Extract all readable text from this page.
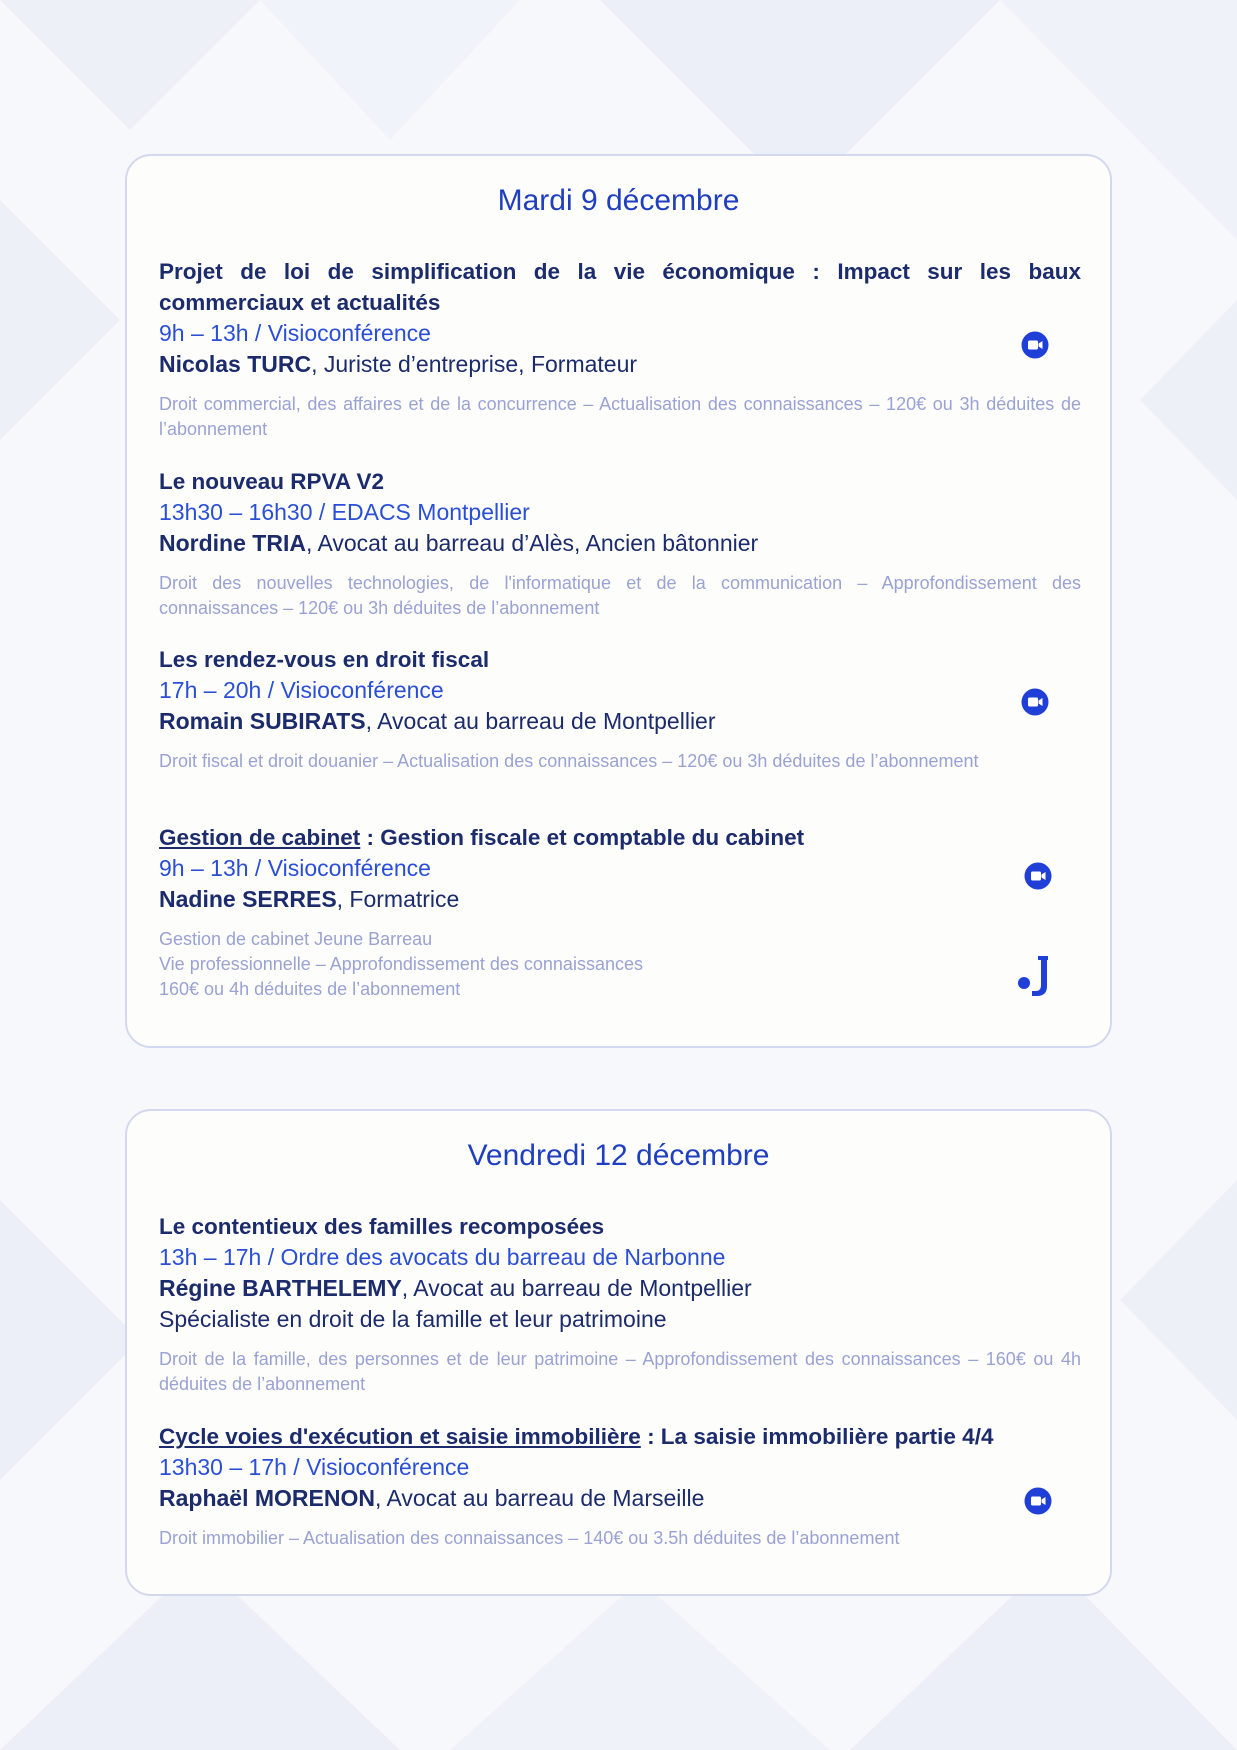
Mardi 9 décembre

Projet de loi de simplification de la vie économique : Impact sur les baux commerciaux et actualités

9h – 13h / Visioconférence

Nicolas TURC, Juriste d’entreprise, Formateur

Droit commercial, des affaires et de la concurrence – Actualisation des connaissances – 120€ ou 3h déduites de l’abonnement

Le nouveau RPVA V2

13h30 – 16h30 / EDACS Montpellier

Nordine TRIA, Avocat au barreau d’Alès, Ancien bâtonnier

Droit des nouvelles technologies, de l'informatique et de la communication – Approfondissement des connaissances – 120€ ou 3h déduites de l’abonnement

Les rendez-vous en droit fiscal

17h – 20h / Visioconférence

Romain SUBIRATS, Avocat au barreau de Montpellier

Droit fiscal et droit douanier – Actualisation des connaissances – 120€ ou 3h déduites de l’abonnement

Gestion de cabinet : Gestion fiscale et comptable du cabinet

9h – 13h / Visioconférence

Nadine SERRES, Formatrice

Gestion de cabinet Jeune Barreau

Vie professionnelle – Approfondissement des connaissances

160€ ou 4h déduites de l’abonnement

Vendredi 12 décembre

Le contentieux des familles recomposées

13h – 17h / Ordre des avocats du barreau de Narbonne

Régine BARTHELEMY, Avocat au barreau de Montpellier

Spécialiste en droit de la famille et leur patrimoine

Droit de la famille, des personnes et de leur patrimoine – Approfondissement des connaissances – 160€ ou 4h déduites de l’abonnement

Cycle voies d'exécution et saisie immobilière : La saisie immobilière partie 4/4

13h30 – 17h / Visioconférence

Raphaël MORENON, Avocat au barreau de Marseille

Droit immobilier – Actualisation des connaissances – 140€ ou 3.5h déduites de l’abonnement
